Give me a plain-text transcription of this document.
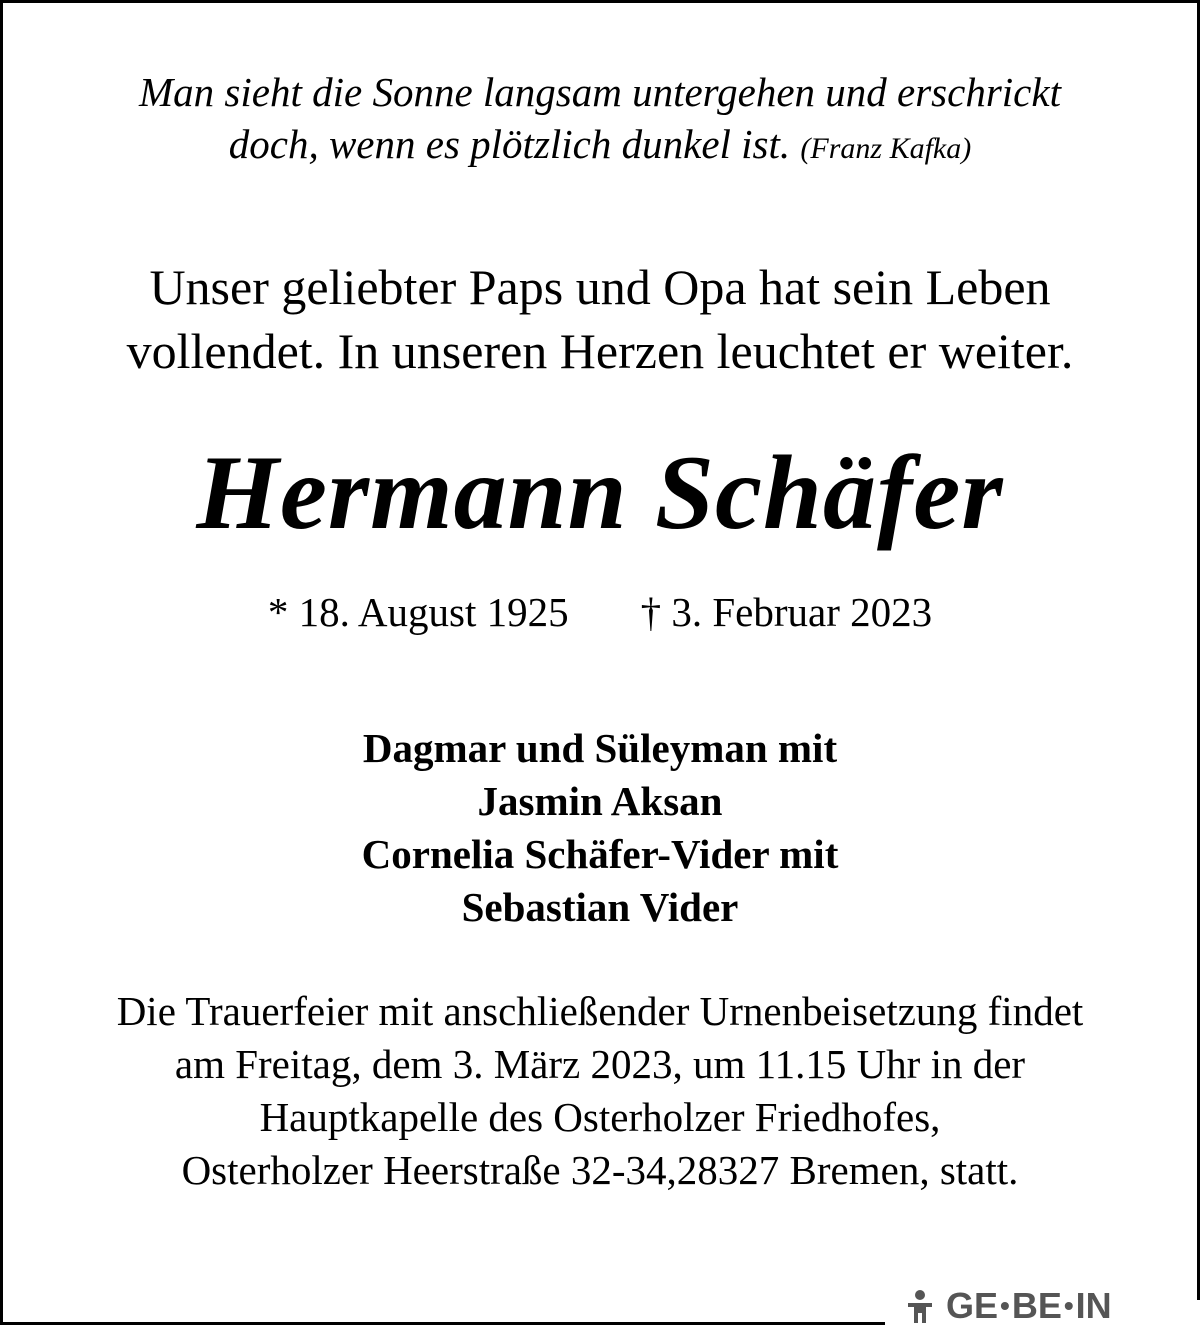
Man sieht die Sonne langsam untergehen und erschrickt
doch, wenn es plötzlich dunkel ist. (Franz Kafka)
Unser geliebter Paps und Opa hat sein Leben
vollendet. In unseren Herzen leuchtet er weiter.
Hermann Schäfer
* 18. August 1925 † 3. Februar 2023
Dagmar und Süleyman mit
Jasmin Aksan
Cornelia Schäfer-Vider mit
Sebastian Vider
Die Trauerfeier mit anschließender Urnenbeisetzung findet
am Freitag, dem 3. März 2023, um 11.15 Uhr in der
Hauptkapelle des Osterholzer Friedhofes,
Osterholzer Heerstraße 32-34,28327 Bremen, statt.
GE • BE • IN
